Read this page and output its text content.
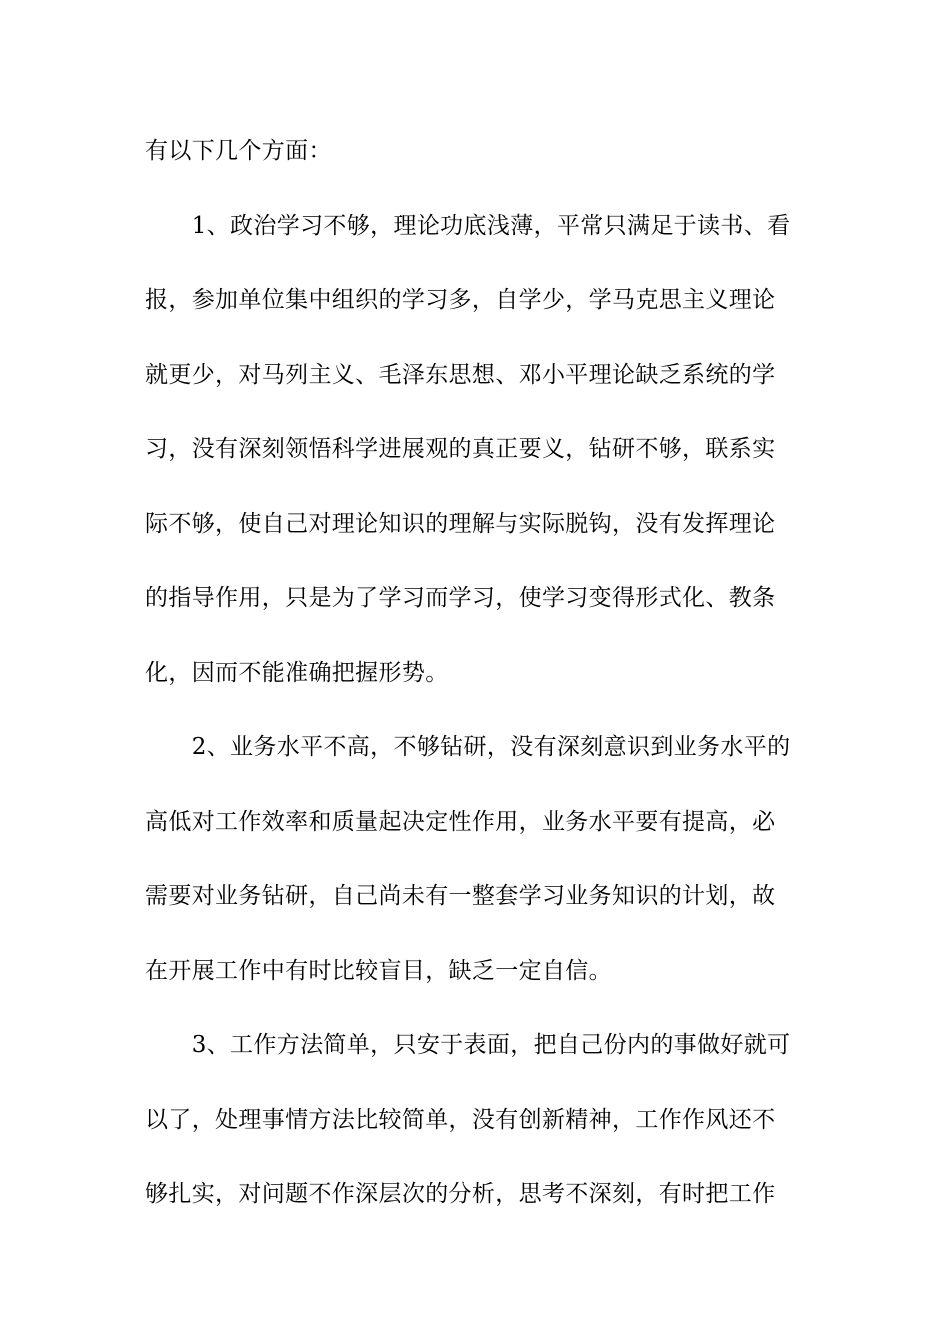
有以下几个方面：
　　1、政治学习不够，理论功底浅薄，平常只满足于读书、看
报，参加单位集中组织的学习多，自学少，学马克思主义理论
就更少，对马列主义、毛泽东思想、邓小平理论缺乏系统的学
习，没有深刻领悟科学进展观的真正要义，钻研不够，联系实
际不够，使自己对理论知识的理解与实际脱钩，没有发挥理论
的指导作用，只是为了学习而学习，使学习变得形式化、教条
化，因而不能准确把握形势。
　　2、业务水平不高，不够钻研，没有深刻意识到业务水平的
高低对工作效率和质量起决定性作用，业务水平要有提高，必
需要对业务钻研，自己尚未有一整套学习业务知识的计划，故
在开展工作中有时比较盲目，缺乏一定自信。
　　3、工作方法简单，只安于表面，把自己份内的事做好就可
以了，处理事情方法比较简单，没有创新精神，工作作风还不
够扎实，对问题不作深层次的分析，思考不深刻，有时把工作
